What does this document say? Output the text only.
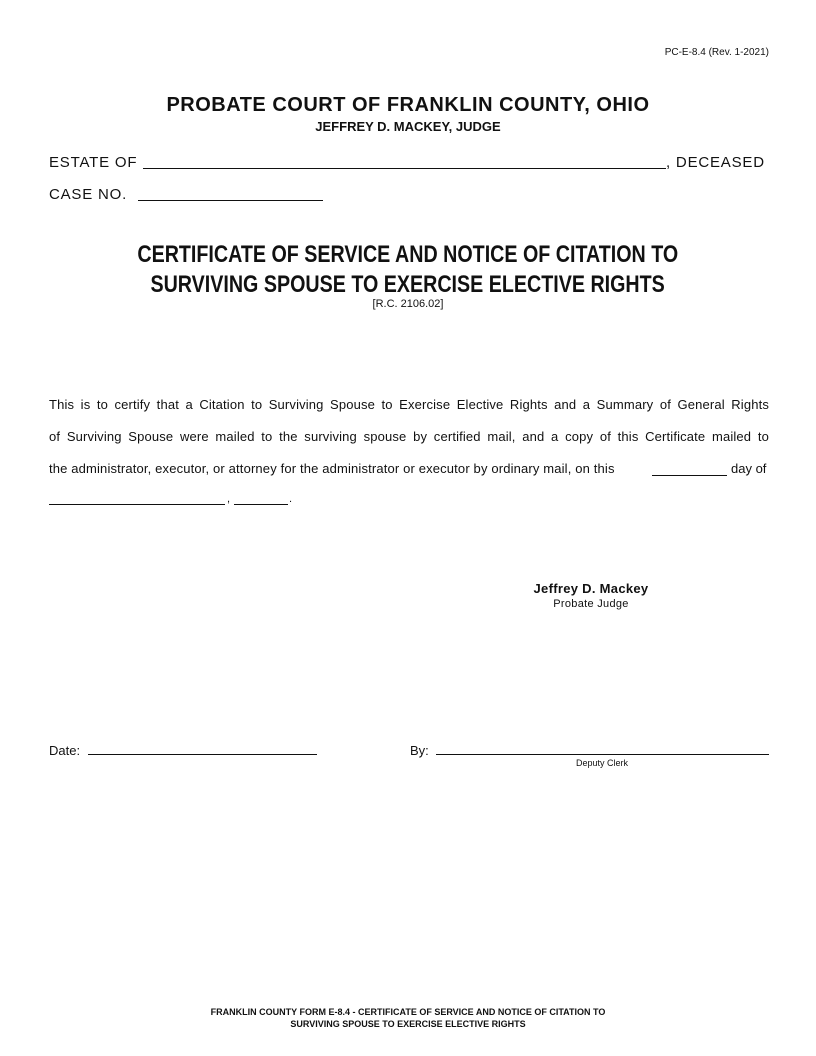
PC-E-8.4 (Rev. 1-2021)
PROBATE COURT OF FRANKLIN COUNTY, OHIO
JEFFREY D. MACKEY, JUDGE
ESTATE OF	, DECEASED
CASE NO.
CERTIFICATE OF SERVICE AND NOTICE OF CITATION TO
SURVIVING SPOUSE TO EXERCISE ELECTIVE RIGHTS
[R.C. 2106.02]
This is to certify that a Citation to Surviving Spouse to Exercise Elective Rights and a Summary of General Rights
of Surviving Spouse were mailed to the surviving spouse by certified mail, and a copy of this Certificate mailed to
the administrator, executor, or attorney for the administrator or executor by ordinary mail, on this	day of
,	.
Jeffrey D. Mackey
Probate Judge
Date:	By:
Deputy Clerk
FRANKLIN COUNTY FORM E-8.4 - CERTIFICATE OF SERVICE AND NOTICE OF CITATION TO
SURVIVING SPOUSE TO EXERCISE ELECTIVE RIGHTS
